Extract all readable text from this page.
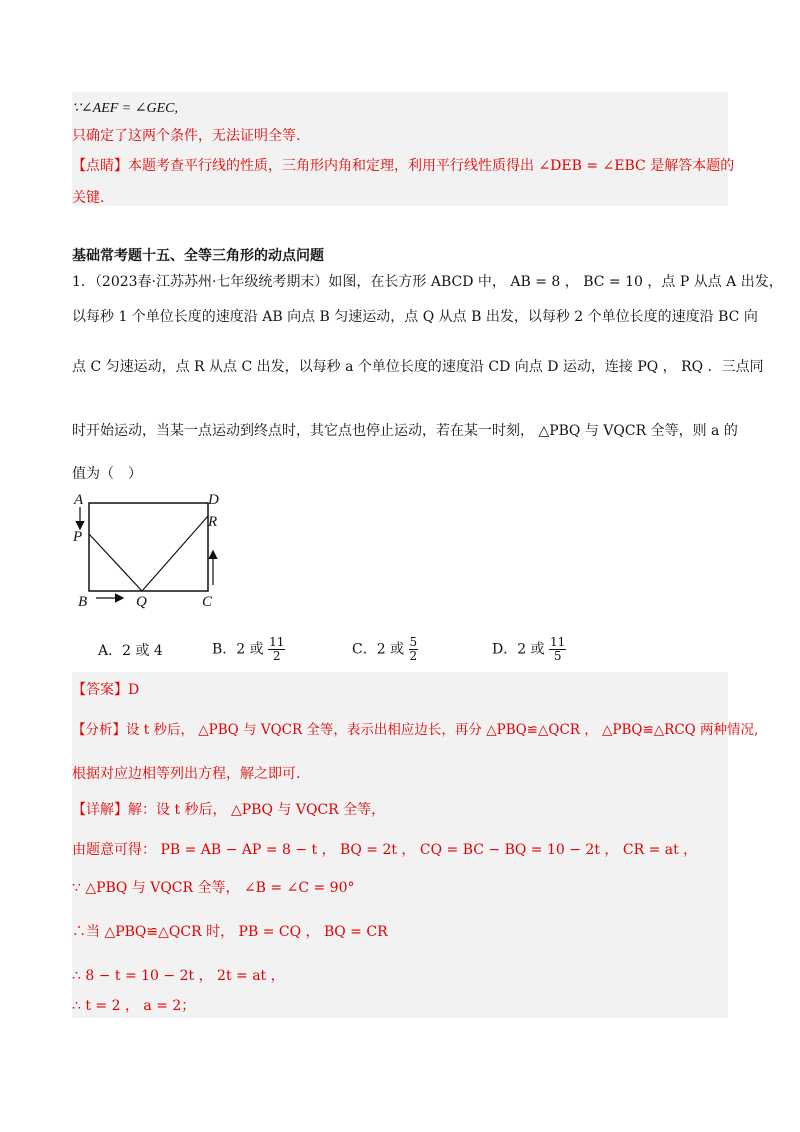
∵∠AEF = ∠GEC,
只确定了这两个条件，无法证明全等.
【点睛】本题考查平行线的性质，三角形内角和定理，利用平行线性质得出 ∠DEB = ∠EBC 是解答本题的
关键.
基础常考题十五、全等三角形的动点问题
1．（2023春·江苏苏州·七年级统考期末）如图，在长方形 ABCD 中， AB = 8 ， BC = 10 ，点 P 从点 A 出发，
以每秒 1 个单位长度的速度沿 AB 向点 B 匀速运动，点 Q 从点 B 出发，以每秒 2 个单位长度的速度沿 BC 向
点 C 匀速运动，点 R 从点 C 出发，以每秒 a 个单位长度的速度沿 CD 向点 D 运动，连接 PQ ， RQ ．三点同
时开始运动，当某一点运动到终点时，其它点也停止运动，若在某一时刻， △PBQ 与 VQCR 全等，则 a 的
值为（　）
A	D
P
R
B	Q	C
A．2 或 4	B．2 或 $\frac{11}{2}$	C．2 或 $\frac{5}{2}$	D．2 或 $\frac{11}{5}$
【答案】D
【分析】设 t 秒后， △PBQ 与 VQCR 全等，表示出相应边长，再分 △PBQ≌△QCR ， △PBQ≌△RCQ 两种情况,
根据对应边相等列出方程，解之即可.
【详解】解：设 t 秒后， △PBQ 与 VQCR 全等，
由题意可得： PB = AB − AP = 8 − t ， BQ = 2t ， CQ = BC − BQ = 10 − 2t ， CR = at ，
∵ △PBQ 与 VQCR 全等， ∠B = ∠C = 90°
∴当 △PBQ≌△QCR 时， PB = CQ ， BQ = CR
∴ 8 − t = 10 − 2t ， 2t = at ，
∴ t = 2 ， a = 2；
